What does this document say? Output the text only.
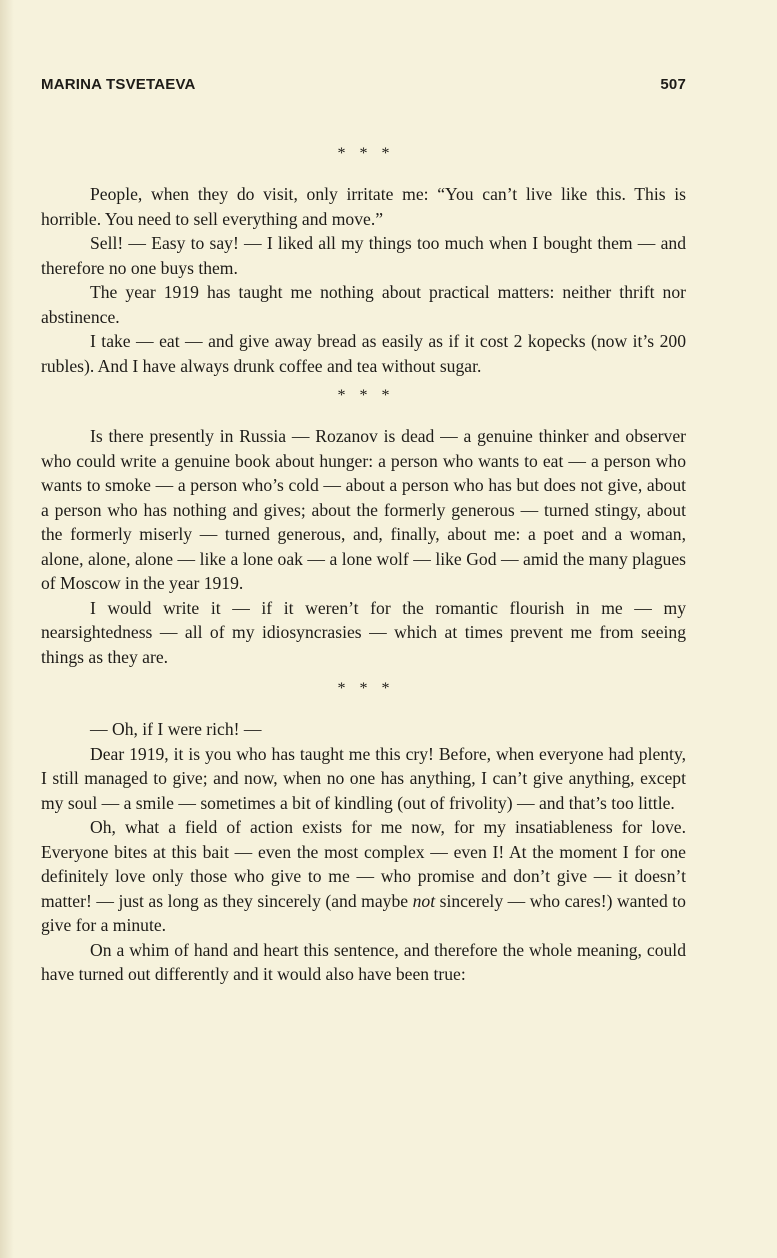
MARINA TSVETAEVA	507
* * *

People, when they do visit, only irritate me: “You can’t live like this. This is horrible. You need to sell everything and move.”

Sell! — Easy to say! — I liked all my things too much when I bought them — and therefore no one buys them.

The year 1919 has taught me nothing about practical matters: neither thrift nor abstinence.

I take — eat — and give away bread as easily as if it cost 2 kopecks (now it’s 200 rubles). And I have always drunk coffee and tea without sugar.

* * *

Is there presently in Russia — Rozanov is dead — a genuine thinker and observer who could write a genuine book about hunger: a person who wants to eat — a person who wants to smoke — a person who’s cold — about a person who has but does not give, about a person who has nothing and gives; about the formerly generous — turned stingy, about the formerly miserly — turned generous, and, finally, about me: a poet and a woman, alone, alone, alone — like a lone oak — a lone wolf — like God — amid the many plagues of Moscow in the year 1919.

I would write it — if it weren’t for the romantic flourish in me — my nearsightedness — all of my idiosyncrasies — which at times prevent me from seeing things as they are.

* * *

— Oh, if I were rich! —

Dear 1919, it is you who has taught me this cry! Before, when everyone had plenty, I still managed to give; and now, when no one has anything, I can’t give anything, except my soul — a smile — sometimes a bit of kindling (out of frivolity) — and that’s too little.

Oh, what a field of action exists for me now, for my insatiableness for love. Everyone bites at this bait — even the most complex — even I! At the moment I for one definitely love only those who give to me — who promise and don’t give — it doesn’t matter! — just as long as they sincerely (and maybe not sincerely — who cares!) wanted to give for a minute.

On a whim of hand and heart this sentence, and therefore the whole meaning, could have turned out differently and it would also have been true:
